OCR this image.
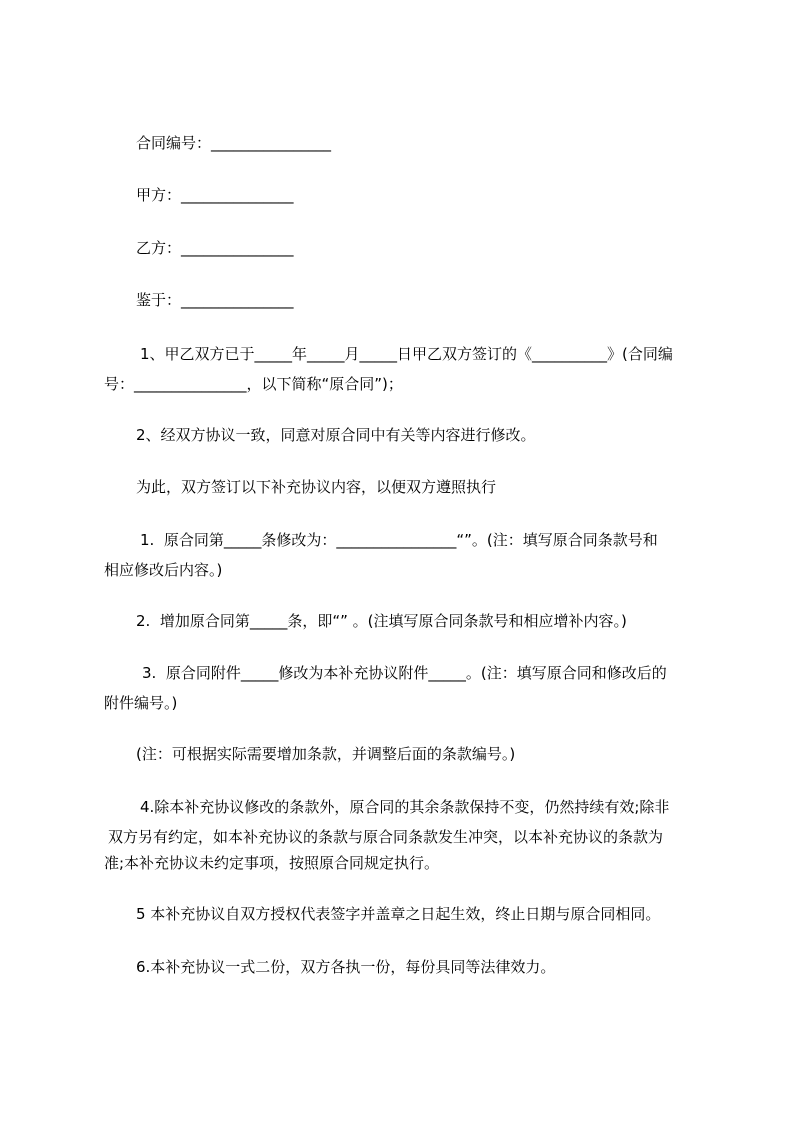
合同编号：________________
甲方：_______________
乙方：_______________
鉴于：_______________
1、甲乙双方已于_____年_____月_____日甲乙双方签订的《__________》(合同编
号：_______________，以下简称“原合同”)；
2、经双方协议一致，同意对原合同中有关等内容进行修改。
为此，双方签订以下补充协议内容，以便双方遵照执行
1.  原合同第_____条修改为：________________“”。(注：填写原合同条款号和
相应修改后内容。)
2.  增加原合同第_____条，即“” 。(注填写原合同条款号和相应增补内容。)
3.  原合同附件_____修改为本补充协议附件_____。(注：填写原合同和修改后的
附件编号。)
(注：可根据实际需要增加条款，并调整后面的条款编号。)
4.除本补充协议修改的条款外，原合同的其余条款保持不变，仍然持续有效;除非
双方另有约定，如本补充协议的条款与原合同条款发生冲突，以本补充协议的条款为
准;本补充协议未约定事项，按照原合同规定执行。
5 本补充协议自双方授权代表签字并盖章之日起生效，终止日期与原合同相同。
6.本补充协议一式二份，双方各执一份，每份具同等法律效力。
